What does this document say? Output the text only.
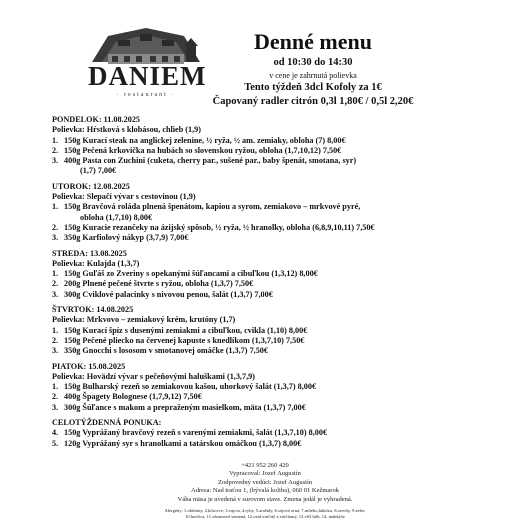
DANIEM
· restaurant ·
Denné menu
od 10:30 do 14:30
v cene je zahrnutá polievka
Tento týždeň 3dcl Kofoly za 1€
Čapovaný radler citrón 0,3l 1,80€ / 0,5l 2,20€
PONDELOK: 11.08.2025
Polievka: Hŕstková s klobásou, chlieb (1,9)
1. 150g Kurací steak na anglickej zelenine, ½ ryža, ½ am. zemiaky, obloha (7) 8,00€
2. 150g Pečená krkovička na hubách so slovenskou ryžou, obloha (1,7,10,12) 7,50€
3. 400g Pasta con Zuchini (cuketa, cherry par., sušené par., baby špenát, smotana, syr)
(1,7) 7,00€
UTOROK: 12.08.2025
Polievka: Slepačí vývar s cestovinou (1,9)
1. 150g Bravčová roláda plnená špenátom, kapiou a syrom, zemiakovo – mrkvové pyré,
obloha (1,7,10) 8,00€
2. 150g Kuracie rezančeky na ázijský spôsob, ½ ryža, ½ hranolky, obloha (6,8,9,10,11) 7,50€
3. 350g Karfiolový nákyp (3,7,9) 7,00€
STREDA: 13.08.2025
Polievka: Kulajda (1,3,7)
1. 150g Guľáš zo Zveriny s opekanými šúľancami a cibuľkou (1,3,12) 8,00€
2. 200g Plnené pečené štvrte s ryžou, obloha (1,3,7) 7,50€
3. 300g Cviklové palacinky s nivovou penou, šalát (1,3,7) 7,00€
ŠTVRTOK: 14.08.2025
Polievka: Mrkvovo – zemiakový krém, krutóny (1,7)
1. 150g Kurací špíz s dusenými zemiakmi a cibuľkou, cvikla (1,10) 8,00€
2. 150g Pečené pliecko na červenej kapuste s knedlíkom (1,3,7,10) 7,50€
3. 350g Gnocchi s lososom v smotanovej omáčke (1,3,7) 7,50€
PIATOK: 15.08.2025
Polievka: Hovädzí vývar s pečeňovými haluškami (1,3,7,9)
1. 150g Bulharský rezeň so zemiakovou kašou, uhorkový šalát (1,3,7) 8,00€
2. 400g Špagety Bolognese (1,7,9,12) 7,50€
3. 300g Šúľance s makom a prepraženým masielkom, mäta (1,3,7) 7,00€
CELOTÝŽDENNÁ PONUKA:
4. 150g Vyprážaný bravčový rezeň s varenými zemiakmi, šalát (1,3,7,10) 8,00€
5. 120g Vyprážaný syr s hranolkami a tatárskou omáčkou (1,3,7) 8,00€
+421 952 260 420
Vypracoval: Jozef Augustín
Zodpovedný vedúci: Jozef Augustín
Adresa: Nad traťou 1, (bývalá koliba), 060 01 Kežmarok
Váha mäsa je uvedená v surovom stave. Zmena jedál je vyhradená.
Alergény: 1.obilniny, 2.kôrovce, 3.vajcia, 4.ryby, 5.arašidy, 6.sójové zrná, 7.mlieko,laktóza, 8.orechy, 9.zeler,
10.horčica, 11.sézamové semená, 12.oxid siričitý a siričitany, 13.vlčí bôb, 14. mäkkýše
